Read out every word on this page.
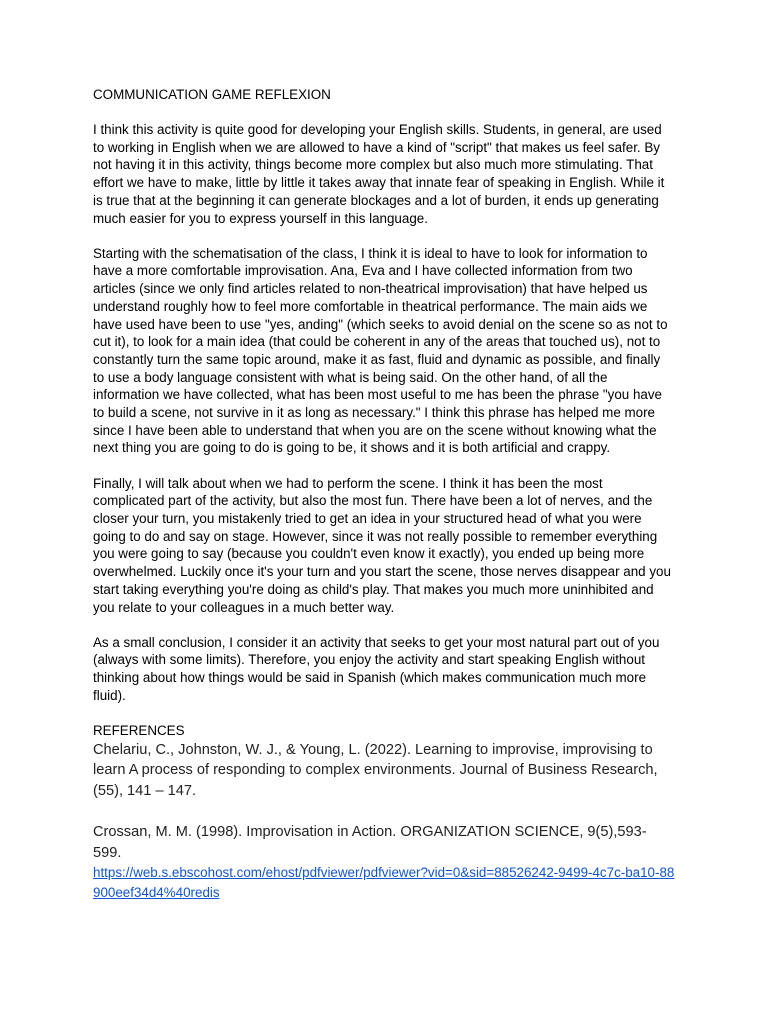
COMMUNICATION GAME REFLEXION

I think this activity is quite good for developing your English skills. Students, in general, are used to working in English when we are allowed to have a kind of "script" that makes us feel safer. By not having it in this activity, things become more complex but also much more stimulating. That effort we have to make, little by little it takes away that innate fear of speaking in English. While it is true that at the beginning it can generate blockages and a lot of burden, it ends up generating much easier for you to express yourself in this language.

Starting with the schematisation of the class, I think it is ideal to have to look for information to have a more comfortable improvisation. Ana, Eva and I have collected information from two articles (since we only find articles related to non-theatrical improvisation) that have helped us understand roughly how to feel more comfortable in theatrical performance. The main aids we have used have been to use "yes, anding" (which seeks to avoid denial on the scene so as not to cut it), to look for a main idea (that could be coherent in any of the areas that touched us), not to constantly turn the same topic around, make it as fast, fluid and dynamic as possible, and finally to use a body language consistent with what is being said. On the other hand, of all the information we have collected, what has been most useful to me has been the phrase "you have to build a scene, not survive in it as long as necessary." I think this phrase has helped me more since I have been able to understand that when you are on the scene without knowing what the next thing you are going to do is going to be, it shows and it is both artificial and crappy.

Finally, I will talk about when we had to perform the scene. I think it has been the most complicated part of the activity, but also the most fun. There have been a lot of nerves, and the closer your turn, you mistakenly tried to get an idea in your structured head of what you were going to do and say on stage. However, since it was not really possible to remember everything you were going to say (because you couldn't even know it exactly), you ended up being more overwhelmed. Luckily once it's your turn and you start the scene, those nerves disappear and you start taking everything you're doing as child's play. That makes you much more uninhibited and you relate to your colleagues in a much better way.

As a small conclusion, I consider it an activity that seeks to get your most natural part out of you (always with some limits). Therefore, you enjoy the activity and start speaking English without thinking about how things would be said in Spanish (which makes communication much more fluid).

REFERENCES

Chelariu, C., Johnston, W. J., & Young, L. (2022). Learning to improvise, improvising to learn A process of responding to complex environments. Journal of Business Research, (55), 141 – 147.
Crossan, M. M. (1998). Improvisation in Action. ORGANIZATION SCIENCE, 9(5),593-599.
https://web.s.ebscohost.com/ehost/pdfviewer/pdfviewer?vid=0&sid=88526242-9499-4c7c-ba10-88900eef34d4%40redis
